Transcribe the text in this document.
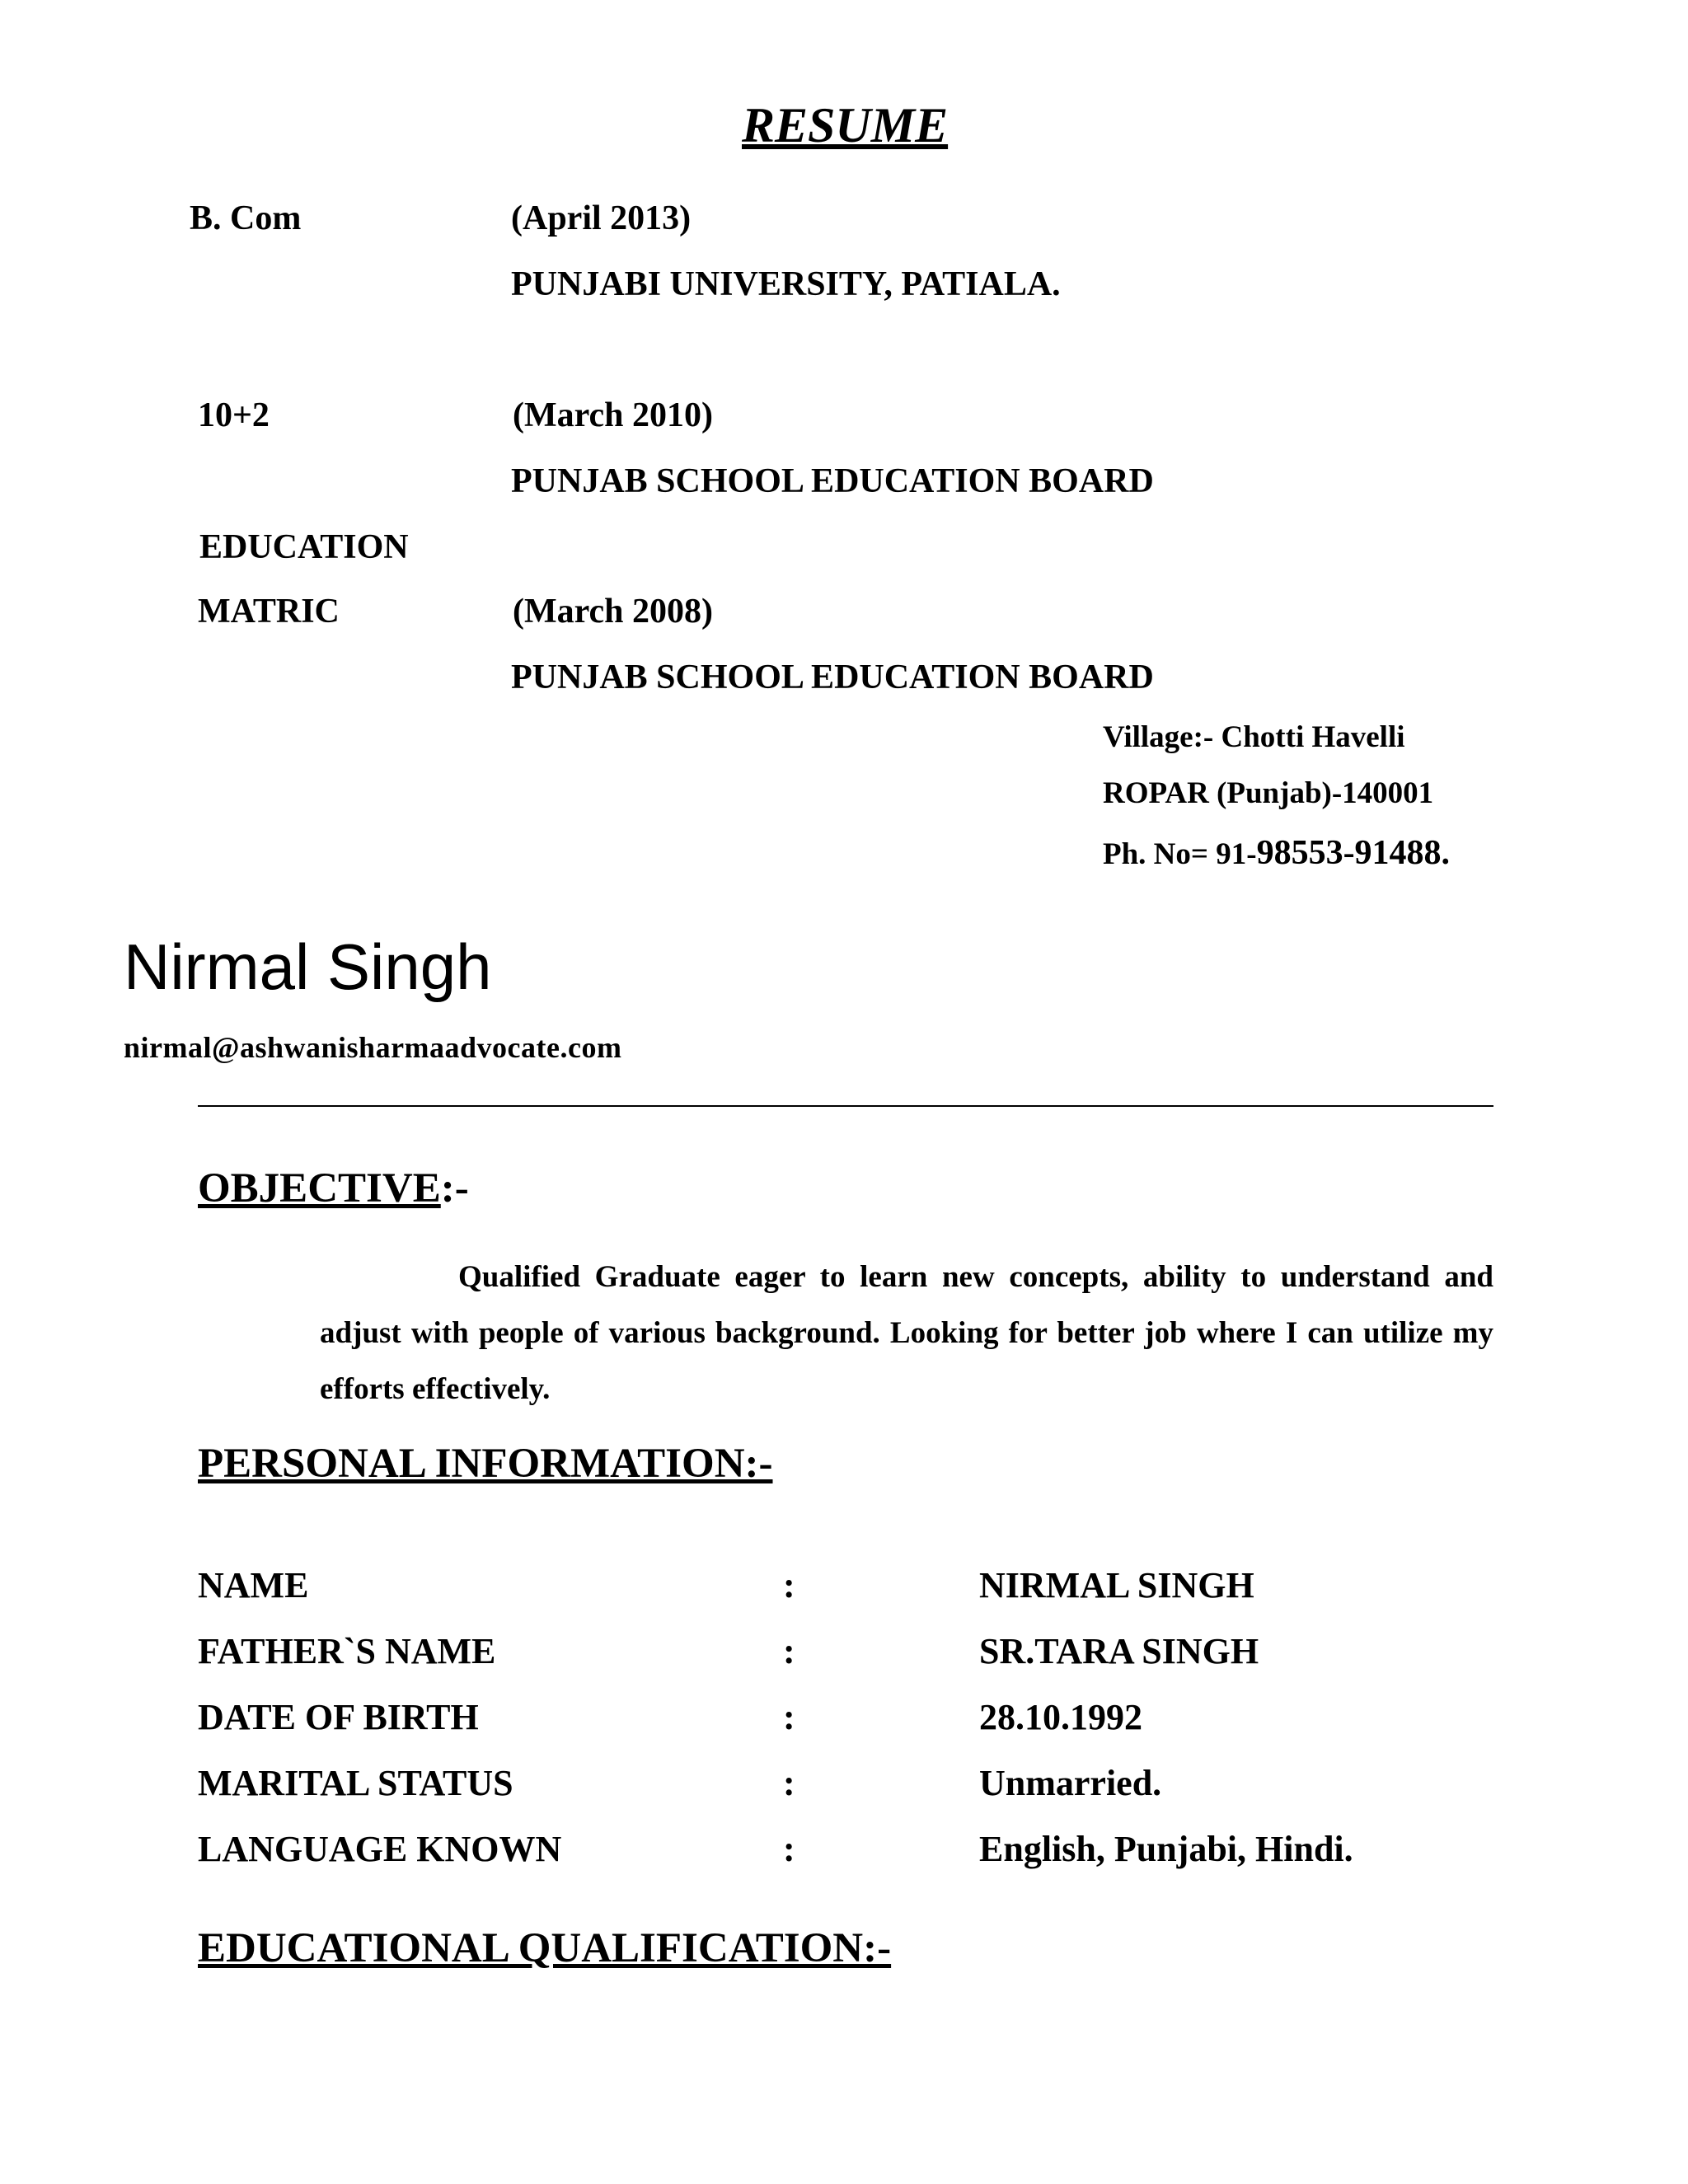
RESUME
B. Com	(April 2013)
PUNJABI UNIVERSITY, PATIALA.
10+2	(March 2010)
PUNJAB SCHOOL EDUCATION BOARD
EDUCATION
MATRIC	(March 2008)
PUNJAB SCHOOL EDUCATION BOARD
Village:- Chotti Havelli
ROPAR (Punjab)-140001
Ph. No= 91-98553-91488.
Nirmal Singh
nirmal@ashwanisharmaadvocate.com
OBJECTIVE:-
Qualified Graduate eager to learn new concepts, ability to understand and adjust with people of various background. Looking for better job where I can utilize my efforts effectively.
PERSONAL INFORMATION:-
NAME	:	NIRMAL SINGH
FATHER`S NAME	:	SR.TARA SINGH
DATE OF BIRTH	:	28.10.1992
MARITAL STATUS	:	Unmarried.
LANGUAGE KNOWN	:	English, Punjabi, Hindi.
EDUCATIONAL QUALIFICATION:-
